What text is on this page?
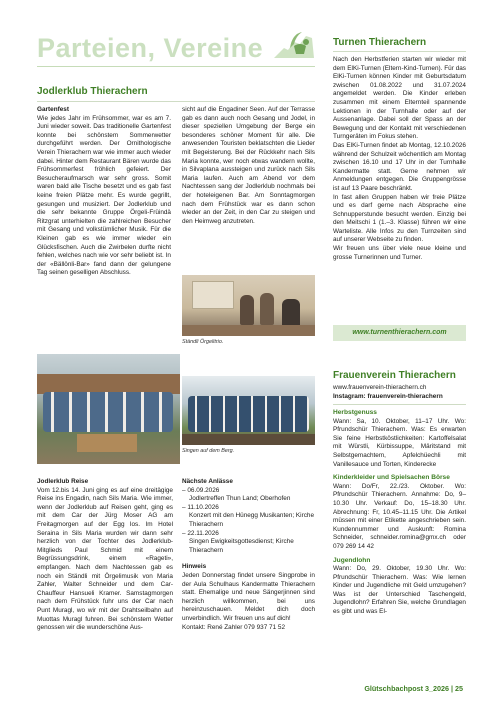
Parteien, Vereine
Jodlerklub Thierachern

Gartenfest

Wie jedes Jahr im Frühsommer, war es am 7. Juni wieder soweit. Das traditionelle Gartenfest konnte bei schönstem Sommerwetter durchgeführt werden. Der Ornithologische Verein Thierachern war wie immer auch wieder dabei. Hinter dem Restaurant Bären wurde das Frühsommerfest fröhlich gefeiert. Der Besucheraufmarsch war sehr gross. Somit waren bald alle Tische besetzt und es gab fast keine freien Plätze mehr. Es wurde gegrillt, gesungen und musiziert. Der Jodlerklub und die sehr bekannte Gruppe Örgeli-Früindä Ritzgrat unterhielten die zahlreichen Besucher mit Gesang und volkstümlicher Musik. Für die Kleinen gab es wie immer wieder ein Glücksfischen. Auch die Zwirbelen durfte nicht fehlen, welches nach wie vor sehr beliebt ist. In der «Bällönli-Bar» fand dann der gelungene Tag seinen geselligen Abschluss.

sicht auf die Engadiner Seen. Auf der Terrasse gab es dann auch noch Gesang und Jodel, in dieser speziellen Umgebung der Berge ein besonderes schöner Moment für alle. Die anwesenden Touristen beklatschten die Lieder mit Begeisterung. Bei der Rückkehr nach Sils Maria konnte, wer noch etwas wandern wollte, in Silvaplana aussteigen und zurück nach Sils Maria laufen. Auch am Abend vor dem Nachtessen sang der Jodlerklub nochmals bei der hoteleigenen Bar. Am Sonntagmorgen nach dem Frühstück war es dann schon wieder an der Zeit, in den Car zu steigen und den Heimweg anzutreten.

Ständli Örgelitrio.
Singen auf dem Berg.

Jodlerklub Reise

Vom 12.bis 14. Juni ging es auf eine dreitägige Reise ins Engadin, nach Sils Maria. Wie immer, wenn der Jodlerklub auf Reisen geht, ging es mit dem Car der Jürg Moser AG am Freitagmorgen auf der Egg los. Im Hotel Seraina in Sils Maria wurden wir dann sehr herzlich von der Tochter des Jodlerklub-Mitglieds Paul Schmid mit einem Begrüssungsdrink, einem «Rageti», empfangen. Nach dem Nachtessen gab es noch ein Ständli mit Örgelimusik von Maria Zahler, Walter Schneider und dem Car-Chauffeur Hansueli Kramer. Samstagmorgen nach dem Frühstück fuhr uns der Car nach Punt Muragl, wo wir mit der Drahtseilbahn auf Muottas Muragl fuhren. Bei schönstem Wetter genossen wir die wunderschöne Aus-

Nächste Anlässe

– 06.09.2026
Jodlertreffen Thun Land; Oberhofen
– 11.10.2026
Konzert mit den Hünegg Musikanten; Kirche Thierachern
– 22.11.2026
Singen Ewigkeitsgottesdienst; Kirche Thierachern

Hinweis

Jeden Donnerstag findet unsere Singprobe in der Aula Schulhaus Kandermatte Thierachern statt. Ehemalige und neue Sängerjinnen sind herzlich willkommen, bei uns hereinzuschauen. Meldet dich doch unverbindlich. Wir freuen uns auf dich!

Kontakt: René Zahler 079 937 71 52

Turnen Thierachern

Nach den Herbstferien starten wir wieder mit dem ElKi-Turnen (Eltern-Kind-Turnen). Für das ElKi-Turnen können Kinder mit Geburtsdatum zwischen 01.08.2022 und 31.07.2024 angemeldet werden. Die Kinder erleben zusammen mit einem Elternteil spannende Lektionen in der Turnhalle oder auf der Aussenanlage. Dabei soll der Spass an der Bewegung und der Kontakt mit verschiedenen Turngeräten im Fokus stehen.

Das ElKi-Turnen findet ab Montag, 12.10.2026 während der Schulzeit wöchentlich am Montag zwischen 16.10 und 17 Uhr in der Turnhalle Kandermatte statt. Gerne nehmen wir Anmeldungen entgegen. Die Gruppengrösse ist auf 13 Paare beschränkt.

In fast allen Gruppen haben wir freie Plätze und es darf gerne nach Absprache eine Schnupperstunde besucht werden. Einzig bei den Meitschi 1 (1.–3. Klasse) führen wir eine Warteliste. Alle Infos zu den Turnzeiten sind auf unserer Webseite zu finden.

Wir freuen uns über viele neue kleine und grosse Turnerinnen und Turner.

www.turnenthierachern.com
Frauenverein Thierachern

www.frauenverein-thierachern.ch

Instagram: frauenverein-thierachern

Herbstgenuss

Wann: Sa, 10. Oktober, 11–17 Uhr. Wo: Pfrundschür Thierachern. Was: Es erwarten Sie feine Herbstköstlichkeiten: Kartoffelsalat mit Würstli, Kürbissuppe, Märitstand mit Selbstgemachtem, Apfelchüechli mit Vanillesauce und Torten, Kinderecke

Kinderkleider und Spielsachen Börse

Wann: Do/Fr, 22./23. Oktober. Wo: Pfrundschür Thierachern. Annahme: Do, 9–10.30 Uhr. Verkauf: Do, 15–18.30 Uhr. Abrechnung: Fr, 10.45–11.15 Uhr. Die Artikel müssen mit einer Etikette angeschrieben sein. Kundennummer und Auskunft: Romina Schneider, schneider.romina@gmx.ch oder 079 269 14 42

Jugendlohn

Wann: Do, 29. Oktober, 19.30 Uhr. Wo: Pfrundschür Thierachern. Was: Wie lernen Kinder und Jugendliche mit Geld umzugehen? Was ist der Unterschied Taschengeld, Jugendlohn? Erfahren Sie, welche Grundlagen es gibt und was El-

Glütschbachpost 3_2026 | 25
